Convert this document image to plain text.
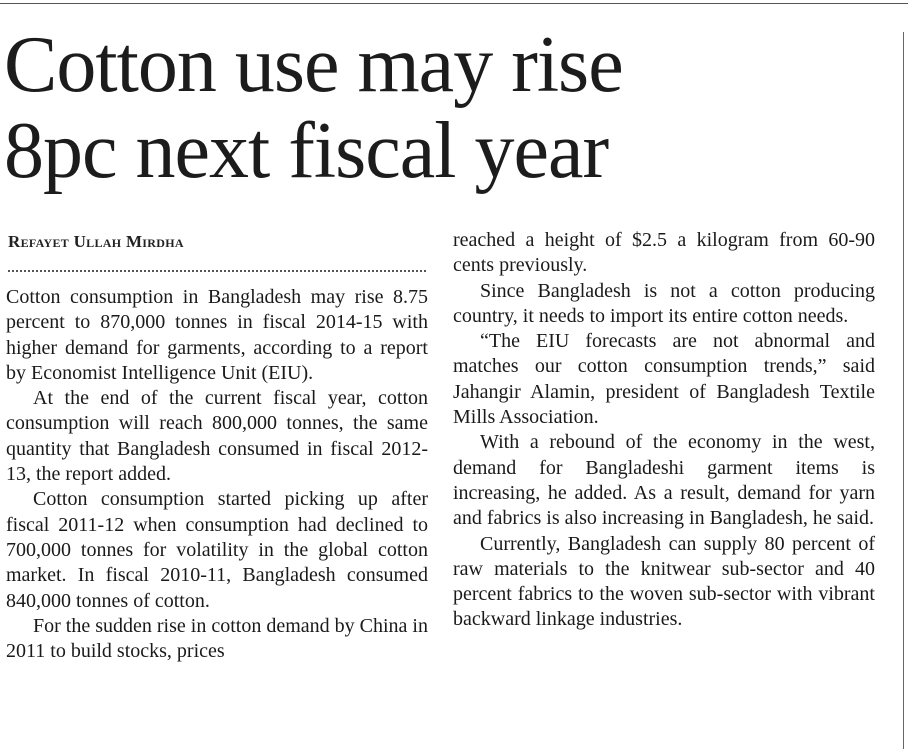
Cotton use may rise
8pc next fiscal year
Refayet Ullah Mirdha

Cotton consumption in Bangladesh may rise 8.75 percent to 870,000 tonnes in fiscal 2014-15 with higher demand for garments, according to a report by Economist Intelligence Unit (EIU).

At the end of the current fiscal year, cotton consumption will reach 800,000 tonnes, the same quantity that Bangladesh consumed in fiscal 2012-13, the report added.

Cotton consumption started picking up after fiscal 2011-12 when consumption had declined to 700,000 tonnes for volatility in the global cotton market. In fiscal 2010-11, Bangladesh consumed 840,000 tonnes of cotton.

For the sudden rise in cotton demand by China in 2011 to build stocks, prices

reached a height of $2.5 a kilogram from 60-90 cents previously.

Since Bangladesh is not a cotton producing country, it needs to import its entire cotton needs.

“The EIU forecasts are not abnormal and matches our cotton consumption trends,” said Jahangir Alamin, president of Bangladesh Textile Mills Association.

With a rebound of the economy in the west, demand for Bangladeshi garment items is increasing, he added. As a result, demand for yarn and fabrics is also increasing in Bangladesh, he said.

Currently, Bangladesh can supply 80 percent of raw materials to the knitwear sub-sector and 40 percent fabrics to the woven sub-sector with vibrant backward linkage industries.
